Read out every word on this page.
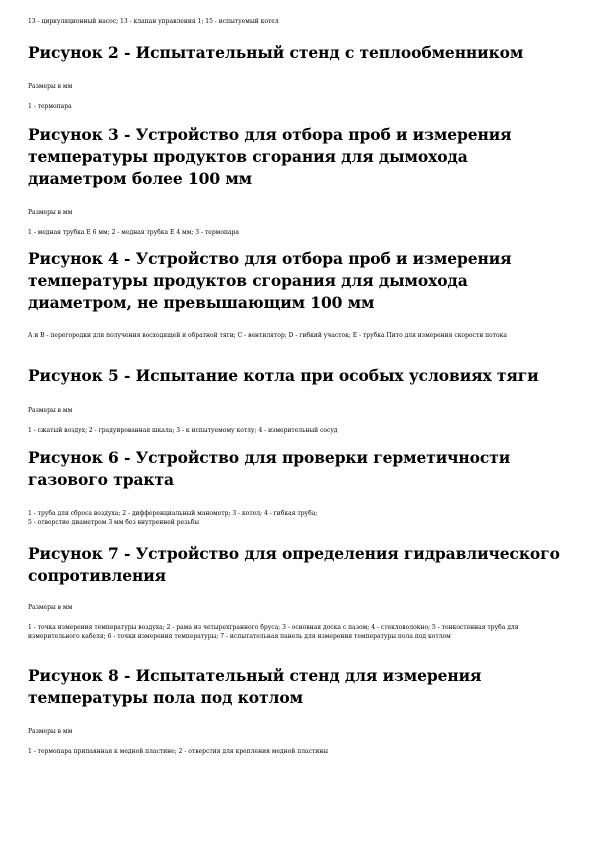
13 - циркуляционный насос; 13 - клапан управления 1; 15 - испытуемый котел
Рисунок 2 - Испытательный стенд с теплообменником
Размеры в мм
1 - термопара
Рисунок 3 - Устройство для отбора проб и измерения температуры продуктов сгорания для дымохода диаметром более 100 мм
Размеры в мм
1 - медная трубка Е 6 мм; 2 - медная трубка Е 4 мм; 3 - термопара
Рисунок 4 - Устройство для отбора проб и измерения температуры продуктов сгорания для дымохода диаметром, не превышающим 100 мм
A и B - перегородки для получения восходящей и обратной тяги; C - вентилятор; D - гибкий участок; E - трубка Пито для измерения скорости потока
Рисунок 5 - Испытание котла при особых условиях тяги
Размеры в мм
1 - сжатый воздух; 2 - градуированная шкала; 3 - к испытуемому котлу; 4 - измерительный сосуд
Рисунок 6 - Устройство для проверки герметичности газового тракта
1 - труба для сброса воздуха; 2 - дифференциальный манометр; 3 - котел; 4 - гибкая труба;
5 - отверстие диаметром 3 мм без внутренней резьбы
Рисунок 7 - Устройство для определения гидравлического сопротивления
Размеры в мм
1 - точка измерения температуры воздуха; 2 - рама из четырехгранного бруса; 3 - основная доска с пазом; 4 - стекловолокно; 5 - тонкостенная труба для измерительного кабеля; 6 - точки измерения температуры; 7 - испытательная панель для измерения температуры пола под котлом
Рисунок 8 - Испытательный стенд для измерения температуры пола под котлом
Размеры в мм
1 - термопара припаянная к медной пластине; 2 - отверстия для крепления медной пластины
